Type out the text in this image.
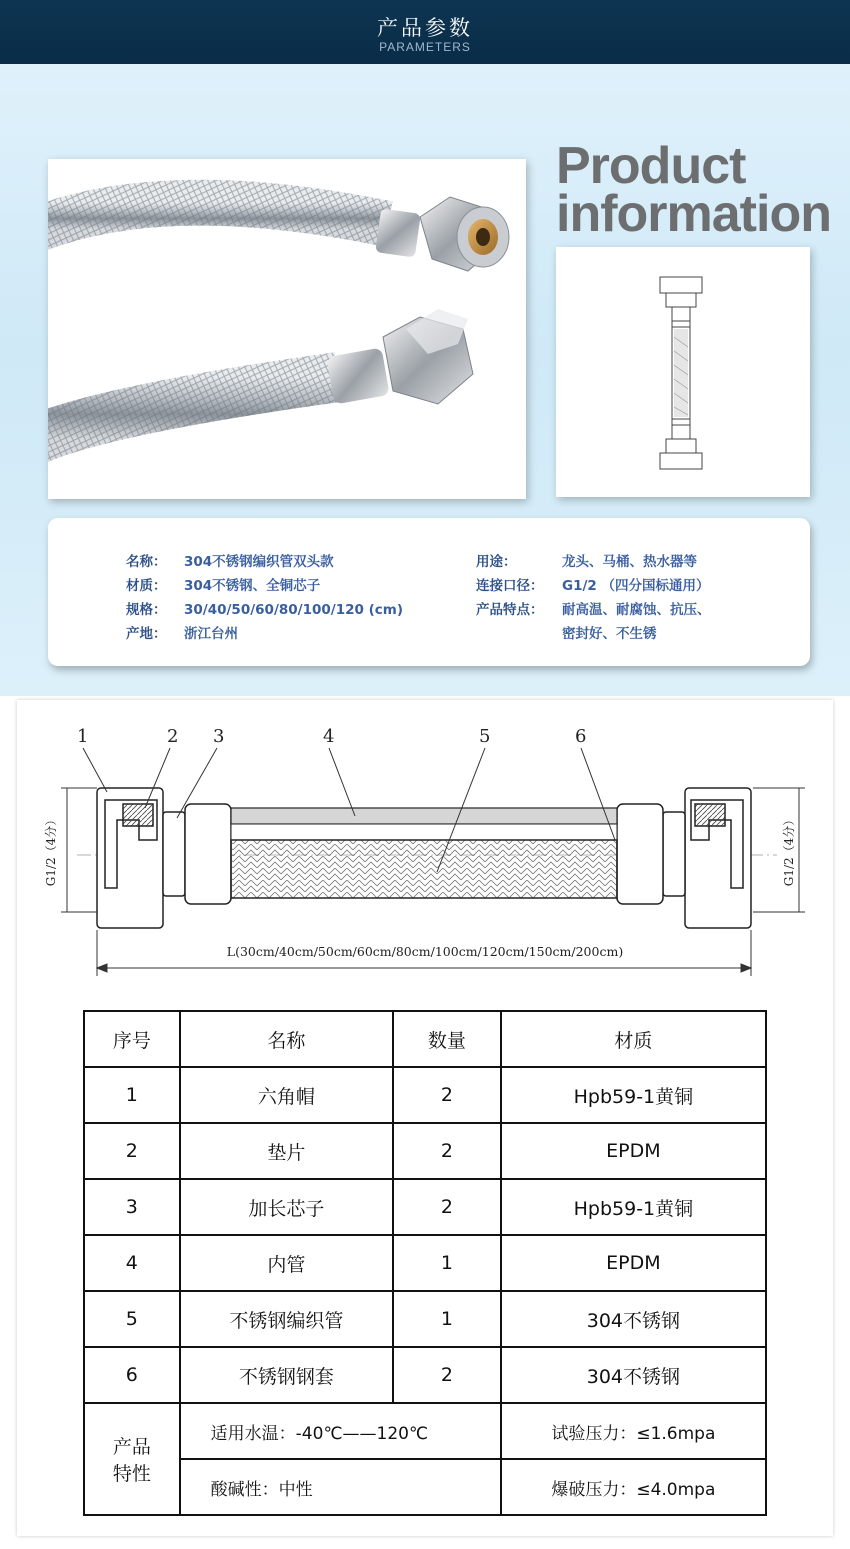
产品参数
PARAMETERS
Product
information
名称： 304不锈钢编织管双头款
材质： 304不锈钢、全铜芯子
规格： 30/40/50/60/80/100/120 (cm)
产地： 浙江台州
用途：	龙头、马桶、热水器等
连接口径： G1/2 （四分国标通用）
产品特点： 耐高温、耐腐蚀、抗压、
密封好、不生锈
1	2 3	4	5	6
G1/2（4分）	G1/2（4分）
L(30cm/40cm/50cm/60cm/80cm/100cm/120cm/150cm/200cm)
序号	名称	数量	材质
1	六角帽	2	Hpb59-1黄铜
2	垫片	2	EPDM
3	加长芯子	2	Hpb59-1黄铜
4	内管	1	EPDM
5	不锈钢编织管	1	304不锈钢
6	不锈钢钢套	2	304不锈钢

产品
特性	适用水温：-40℃——120℃		试验压力：≤1.6mpa
	酸碱性：中性		爆破压力：≤4.0mpa
